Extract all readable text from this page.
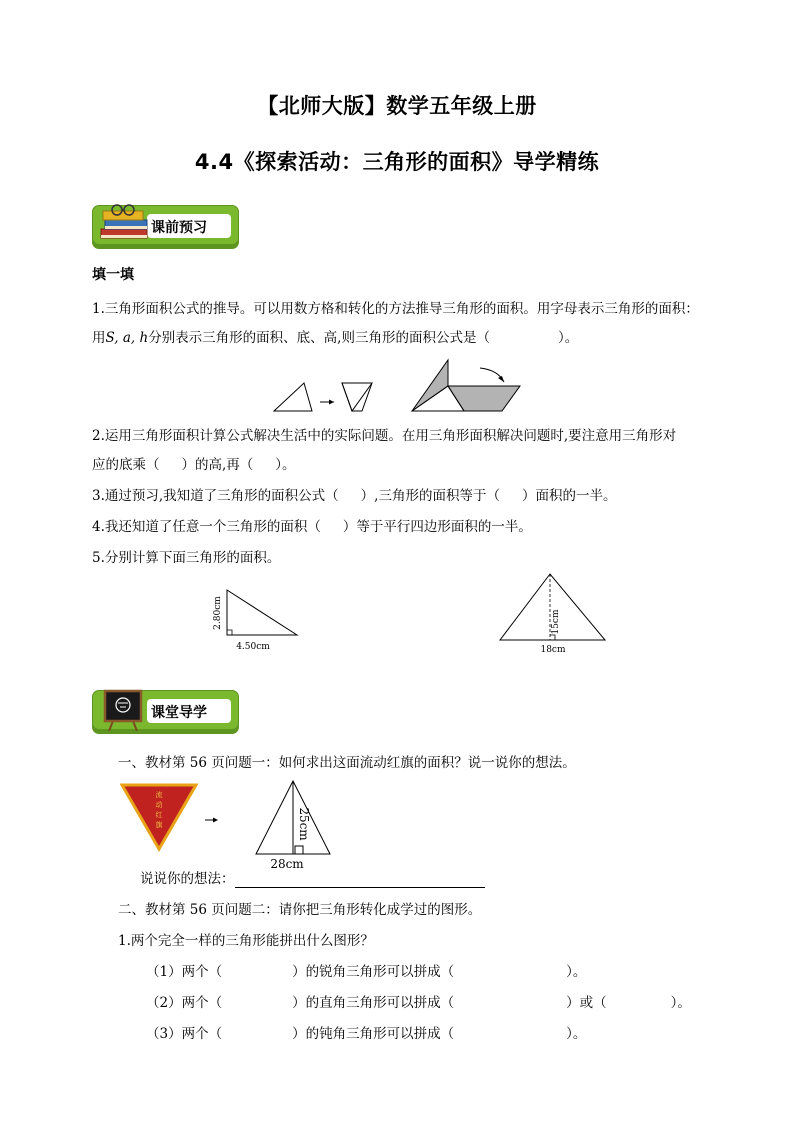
【北师大版】数学五年级上册
4.4《探索活动：三角形的面积》导学精练
课前预习
填一填
1.三角形面积公式的推导。可以用数方格和转化的方法推导三角形的面积。用字母表示三角形的面积：
用S, a, h分别表示三角形的面积、底、高,则三角形的面积公式是（	）。
2.运用三角形面积计算公式解决生活中的实际问题。在用三角形面积解决问题时,要注意用三角形对
应的底乘（ ）的高,再（ ）。
3.通过预习,我知道了三角形的面积公式（ ）,三角形的面积等于（ ）面积的一半。
4.我还知道了任意一个三角形的面积（ ）等于平行四边形面积的一半。
5.分别计算下面三角形的面积。
2.80cm
4.50cm
15cm
18cm
课堂导学
一、教材第 56 页问题一：如何求出这面流动红旗的面积？说一说你的想法。
流
动
红
旗	25cm
28cm
说说你的想法：
二、教材第 56 页问题二：请你把三角形转化成学过的图形。
1.两个完全一样的三角形能拼出什么图形？
（1）两个（	）的锐角三角形可以拼成（	）。
（2）两个（	）的直角三角形可以拼成（	）或（	）。
（3）两个（	）的钝角三角形可以拼成（	）。
